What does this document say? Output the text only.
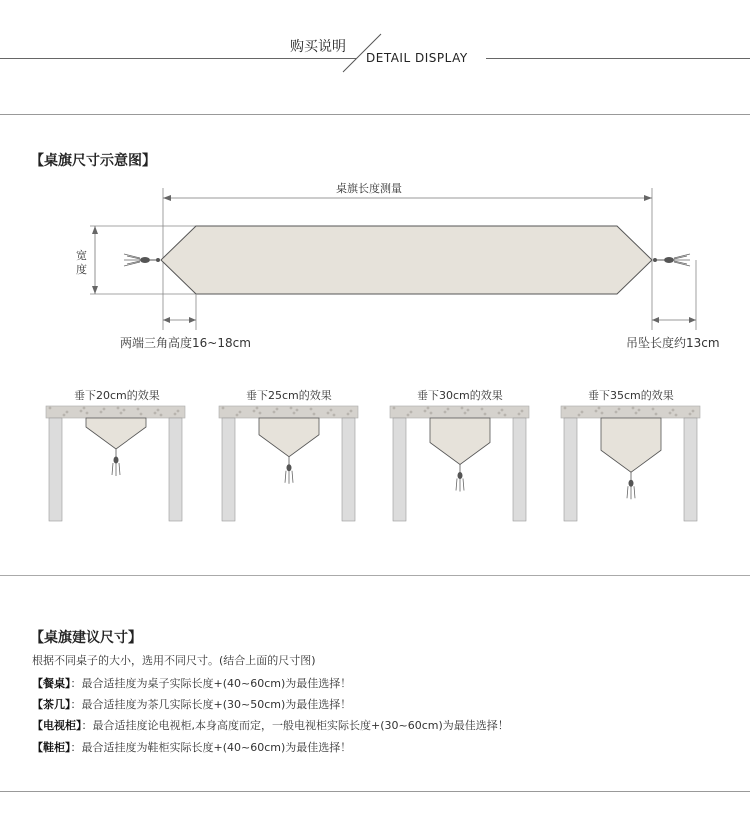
购买说明
DETAIL DISPLAY
【桌旗尺寸示意图】
桌旗长度测量
宽
度
两端三角高度16~18cm	吊坠长度约13cm
垂下20cm的效果	垂下25cm的效果	垂下30cm的效果	垂下35cm的效果
【桌旗建议尺寸】
根据不同桌子的大小，选用不同尺寸。(结合上面的尺寸图)
【餐桌】：最合适挂度为桌子实际长度+(40~60cm)为最佳选择！
【茶几】：最合适挂度为茶几实际长度+(30~50cm)为最佳选择！
【电视柜】：最合适挂度论电视柜,本身高度而定，一般电视柜实际长度+(30~60cm)为最佳选择！
【鞋柜】：最合适挂度为鞋柜实际长度+(40~60cm)为最佳选择！
